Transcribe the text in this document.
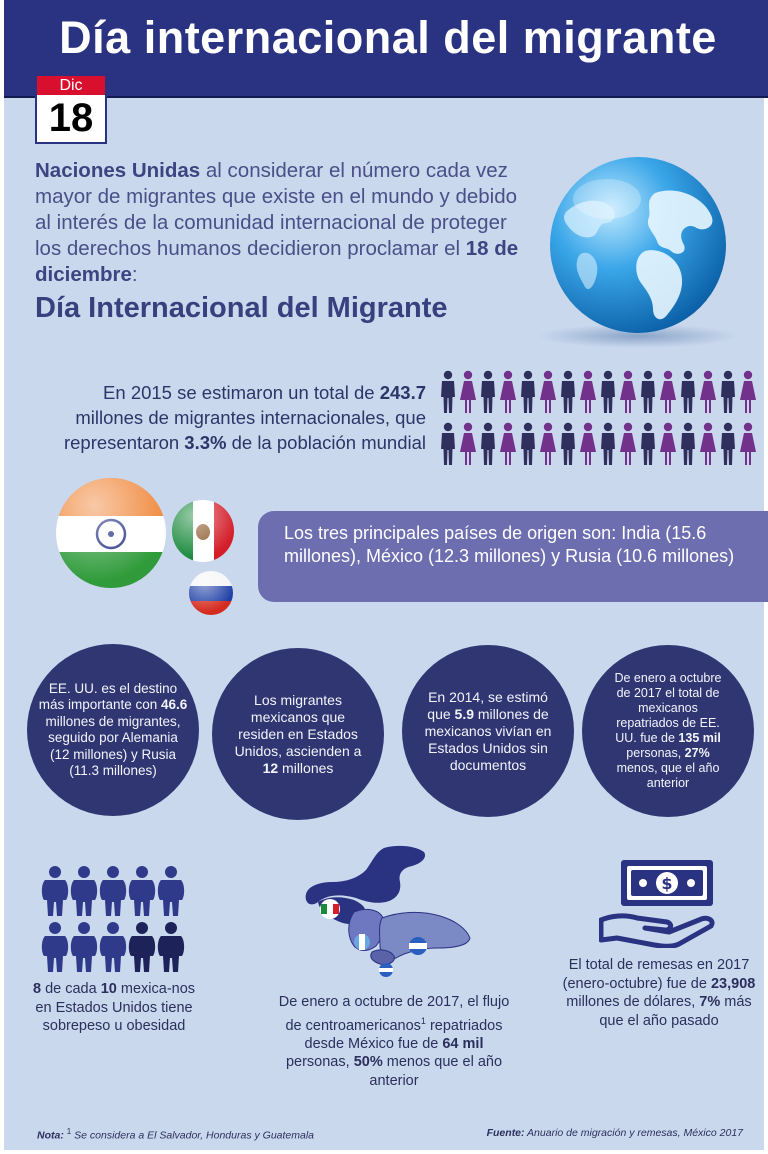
Día internacional del migrante
Dic
18
Naciones Unidas al considerar el número cada vez mayor de migrantes que existe en el mundo y debido al interés de la comunidad internacional de proteger los derechos humanos decidieron proclamar el 18 de diciembre:
Día Internacional del Migrante
En 2015 se estimaron un total de 243.7 millones de migrantes internacionales, que representaron 3.3% de la población mundial
Los tres principales países de origen son: India (15.6 millones), México (12.3 millones) y Rusia (10.6 millones)
EE. UU. es el destino más importante con 46.6 millones de migrantes, seguido por Alemania (12 millones) y Rusia (11.3 millones)
Los migrantes mexicanos que residen en Estados Unidos, ascienden a 12 millones
En 2014, se estimó que 5.9 millones de mexicanos vivían en Estados Unidos sin documentos
De enero a octubre de 2017 el total de mexicanos repatriados de EE. UU. fue de 135 mil personas, 27% menos, que el año anterior
8 de cada 10 mexica-nos en Estados Unidos tiene sobrepeso u obesidad
De enero a octubre de 2017, el flujo de centroamericanos$^1$ repatriados desde México fue de 64 mil personas, 50% menos que el año anterior
$
El total de remesas en 2017 (enero-octubre) fue de 23,908 millones de dólares, 7% más que el año pasado
Nota: $^1$ Se considera a El Salvador, Honduras y Guatemala	Fuente: Anuario de migración y remesas, México 2017
